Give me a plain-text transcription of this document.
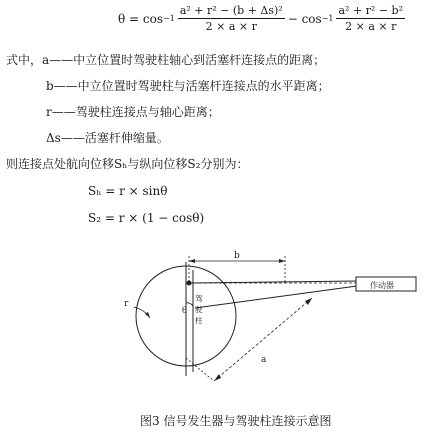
$\theta = \cos -1 \frac{\text{a² + r² − (b + Δs)²}}{2 \times a \times r} - \cos -1 \frac{\text{a² + r² − b²}}{2 \times a \times r}$
式中，a——中立位置时驾驶柱轴心到活塞杆连接点的距离；
b——中立位置时驾驶柱与活塞杆连接点的水平距离；
r——驾驶柱连接点与轴心距离；
Δs——活塞杆伸缩量。
则连接点处航向位移Sₕ与纵向位移S₂分别为：
Sₕ = r × sinθ
S₂ = r × (1 − cosθ)
b
r
θ
a
驾
驶
柱
作动器
图3 信号发生器与驾驶柱连接示意图
